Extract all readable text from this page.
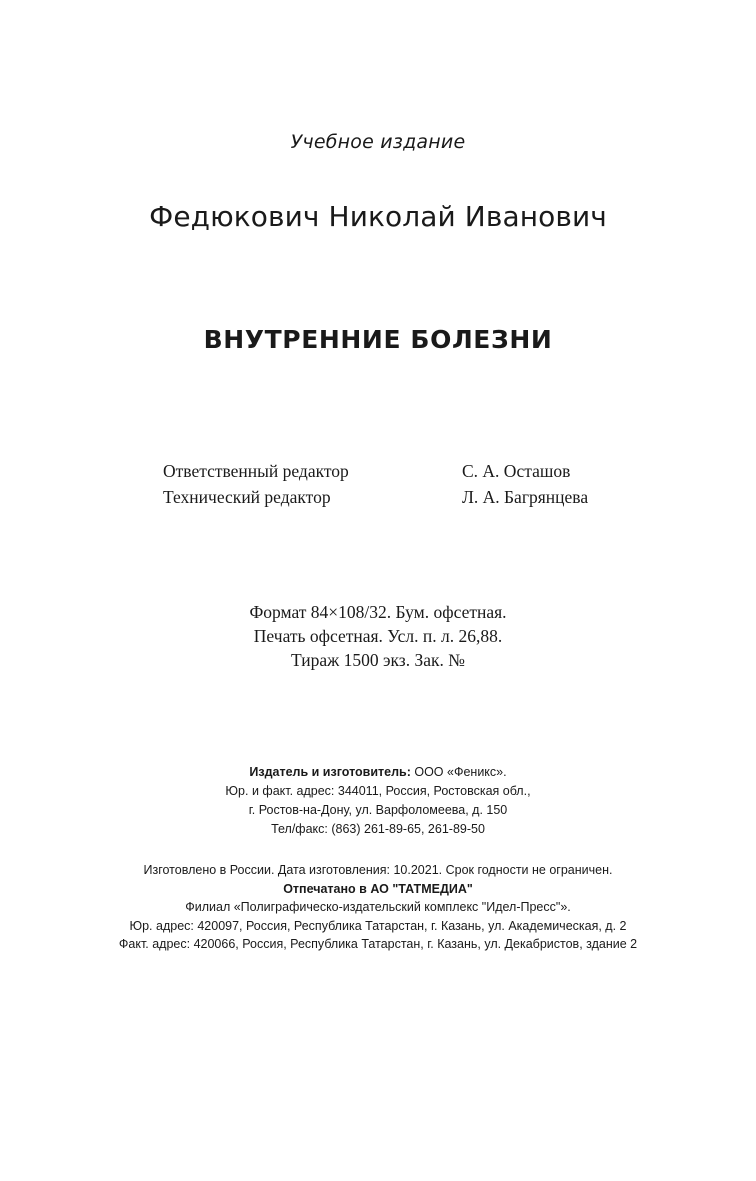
Учебное издание
Федюкович Николай Иванович
ВНУТРЕННИЕ БОЛЕЗНИ
Ответственный редактор	С. А. Осташов
Технический редактор	Л. А. Багрянцева
Формат 84×108/32. Бум. офсетная.
Печать офсетная. Усл. п. л. 26,88.
Тираж 1500 экз. Зак. №
Издатель и изготовитель: ООО «Феникс».
Юр. и факт. адрес: 344011, Россия, Ростовская обл.,
г. Ростов-на-Дону, ул. Варфоломеева, д. 150
Тел/факс: (863) 261-89-65, 261-89-50
Изготовлено в России. Дата изготовления: 10.2021. Срок годности не ограничен.
Отпечатано в АО "ТАТМЕДИА"
Филиал «Полиграфическо-издательский комплекс "Идел-Пресс"».
Юр. адрес: 420097, Россия, Республика Татарстан, г. Казань, ул. Академическая, д. 2
Факт. адрес: 420066, Россия, Республика Татарстан, г. Казань, ул. Декабристов, здание 2
